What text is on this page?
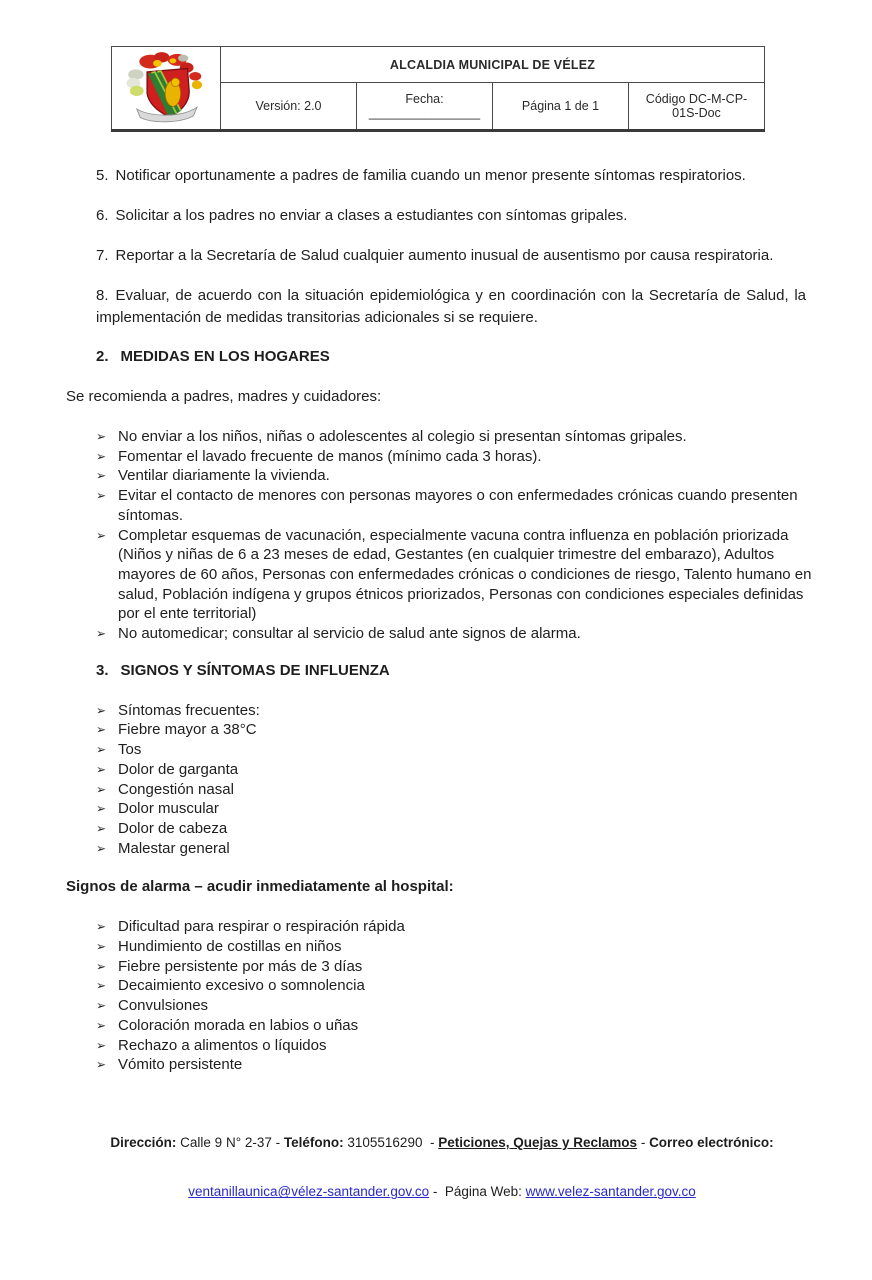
	ALCALDIA MUNICIPAL DE VÉLEZ			
	Versión: 2.0	Fecha: ________________	Página 1 de 1	Código DC-M-CP-01S-Doc

5. Notificar oportunamente a padres de familia cuando un menor presente síntomas respiratorios.

6. Solicitar a los padres no enviar a clases a estudiantes con síntomas gripales.

7. Reportar a la Secretaría de Salud cualquier aumento inusual de ausentismo por causa respiratoria.

8. Evaluar, de acuerdo con la situación epidemiológica y en coordinación con la Secretaría de Salud, la implementación de medidas transitorias adicionales si se requiere.

2. MEDIDAS EN LOS HOGARES

Se recomienda a padres, madres y cuidadores:

➢ No enviar a los niños, niñas o adolescentes al colegio si presentan síntomas gripales.
➢ Fomentar el lavado frecuente de manos (mínimo cada 3 horas).
➢ Ventilar diariamente la vivienda.
➢ Evitar el contacto de menores con personas mayores o con enfermedades crónicas cuando presenten síntomas.
➢ Completar esquemas de vacunación, especialmente vacuna contra influenza en población priorizada (Niños y niñas de 6 a 23 meses de edad, Gestantes (en cualquier trimestre del embarazo), Adultos mayores de 60 años, Personas con enfermedades crónicas o condiciones de riesgo, Talento humano en salud, Población indígena y grupos étnicos priorizados, Personas con condiciones especiales definidas por el ente territorial)
➢ No automedicar; consultar al servicio de salud ante signos de alarma.

3. SIGNOS Y SÍNTOMAS DE INFLUENZA

➢ Síntomas frecuentes:
➢ Fiebre mayor a 38°C
➢ Tos
➢ Dolor de garganta
➢ Congestión nasal
➢ Dolor muscular
➢ Dolor de cabeza
➢ Malestar general

Signos de alarma – acudir inmediatamente al hospital:

➢ Dificultad para respirar o respiración rápida
➢ Hundimiento de costillas en niños
➢ Fiebre persistente por más de 3 días
➢ Decaimiento excesivo o somnolencia
➢ Convulsiones
➢ Coloración morada en labios o uñas
➢ Rechazo a alimentos o líquidos
➢ Vómito persistente

Dirección: Calle 9 N° 2-37 - Teléfono: 3105516290  - Peticiones, Quejas y Reclamos - Correo electrónico:

ventanillaunica@vélez-santander.gov.co -  Página Web: www.velez-santander.gov.co
